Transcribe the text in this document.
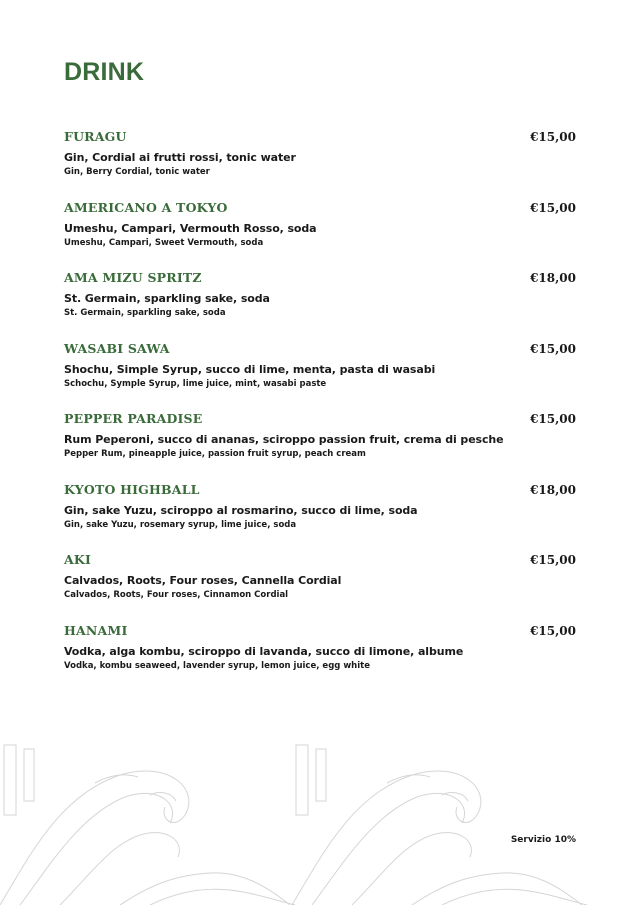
DRINK
FURAGU	€15,00
Gin, Cordial ai frutti rossi, tonic water
Gin, Berry Cordial, tonic water
AMERICANO A TOKYO	€15,00
Umeshu, Campari, Vermouth Rosso, soda
Umeshu, Campari, Sweet Vermouth, soda
AMA MIZU SPRITZ	€18,00
St. Germain, sparkling sake, soda
St. Germain, sparkling sake, soda
WASABI SAWA	€15,00
Shochu, Simple Syrup, succo di lime, menta, pasta di wasabi
Schochu, Symple Syrup, lime juice, mint, wasabi paste
PEPPER PARADISE	€15,00
Rum Peperoni, succo di ananas, sciroppo passion fruit, crema di pesche
Pepper Rum, pineapple juice, passion fruit syrup, peach cream
KYOTO HIGHBALL	€18,00
Gin, sake Yuzu, sciroppo al rosmarino, succo di lime, soda
Gin, sake Yuzu, rosemary syrup, lime juice, soda
AKI	€15,00
Calvados, Roots, Four roses, Cannella Cordial
Calvados, Roots, Four roses, Cinnamon Cordial
HANAMI	€15,00
Vodka, alga kombu, sciroppo di lavanda, succo di limone, albume
Vodka, kombu seaweed, lavender syrup, lemon juice, egg white
Servizio 10%
